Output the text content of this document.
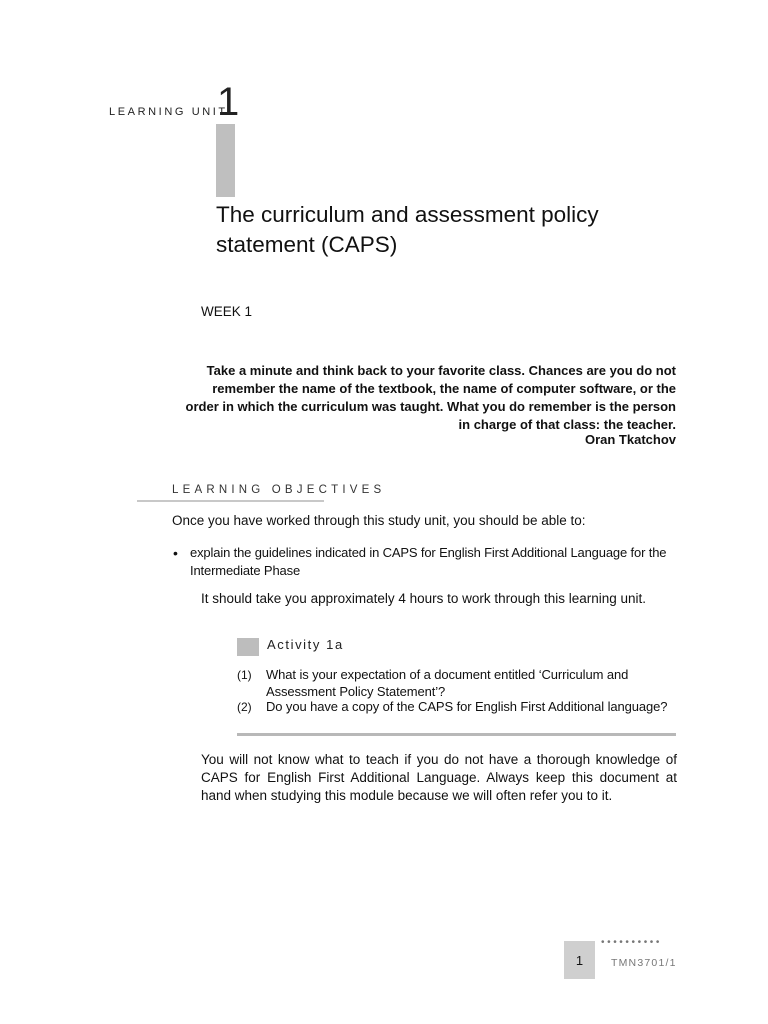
LEARNING UNIT
1
The curriculum and assessment policy statement (CAPS)
WEEK 1
Take a minute and think back to your favorite class. Chances are you do not remember the name of the textbook, the name of computer software, or the order in which the curriculum was taught. What you do remember is the person in charge of that class: the teacher.
Oran Tkatchov
LEARNING OBJECTIVES
Once you have worked through this study unit, you should be able to:
• explain the guidelines indicated in CAPS for English First Additional Language for the Intermediate Phase
It should take you approximately 4 hours to work through this learning unit.
Activity 1a
(1) What is your expectation of a document entitled ‘Curriculum and Assessment Policy Statement’?
(2) Do you have a copy of the CAPS for English First Additional language?
You will not know what to teach if you do not have a thorough knowledge of CAPS for English First Additional Language. Always keep this document at hand when studying this module because we will often refer you to it.
••••••••••
1	TMN3701/1
